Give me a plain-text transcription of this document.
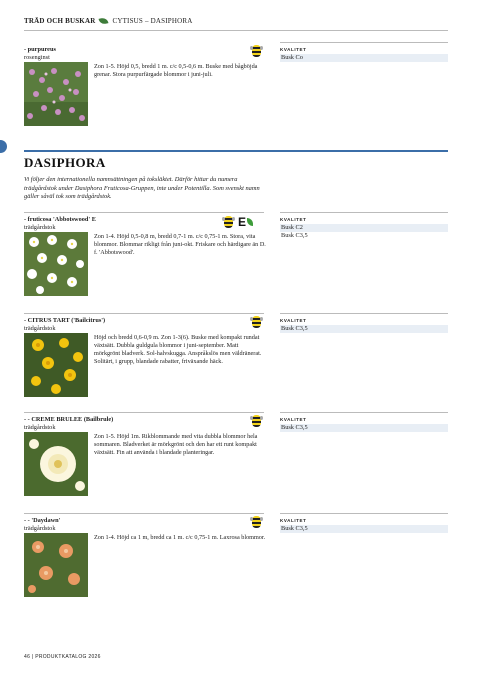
TRÄD OCH BUSKAR CYTISUS – DASIPHORA
- purpureus
rosenginst
Zon 1-5. Höjd 0,5, bredd 1 m. c/c 0,5-0,6 m. Buske med bågböjda grenar. Stora purpurfärgade blommor i juni-juli.
KVALITET
Busk Co
DASIPHORA
Vi följer den internationella namnsättningen på toksläktet. Därför hittar du numera trädgårdstok under Dasiphora Fruticosa-Gruppen, inte under Potentilla. Som svenskt namn gäller såväl tok som trädgårdstok.
- fruticosa 'Abbotswood' E
trädgårdstok	E
Zon 1-4. Höjd 0,5-0,8 m, bredd 0,7-1 m. c/c 0,75-1 m. Stora, vita blommor. Blommar rikligt från juni-okt. Friskare och härdigare än D. f. 'Abbotswood'.
KVALITET
Busk C2
Busk C3,5
- CITRUS TART ('Bailcitrus')
trädgårdstok
Höjd och bredd 0,6-0,9 m. Zon 1-3(6). Buske med kompakt rundat växtsätt. Dubbla guldgula blommor i juni-september. Matt mörkgrönt bladverk. Sol-halvskugga. Anspråkslös men väldränerat. Solitärt, i grupp, blandade rabatter, friväxande häck.
KVALITET
Busk C3,5
- - CREME BRULEE (Bailbrule)
trädgårdstok
Zon 1-5. Höjd 1m. Rikblommande med vita dubbla blommor hela sommaren. Bladverket är mörkgrönt och den har ett runt kompakt växtsätt. Fin att använda i blandade planteringar.
KVALITET
Busk C3,5
- - 'Daydawn'
trädgårdstok
Zon 1-4. Höjd ca 1 m, bredd ca 1 m. c/c 0,75-1 m. Laxrosa blommor.
KVALITET
Busk C3,5
46 | PRODUKTKATALOG 2026
